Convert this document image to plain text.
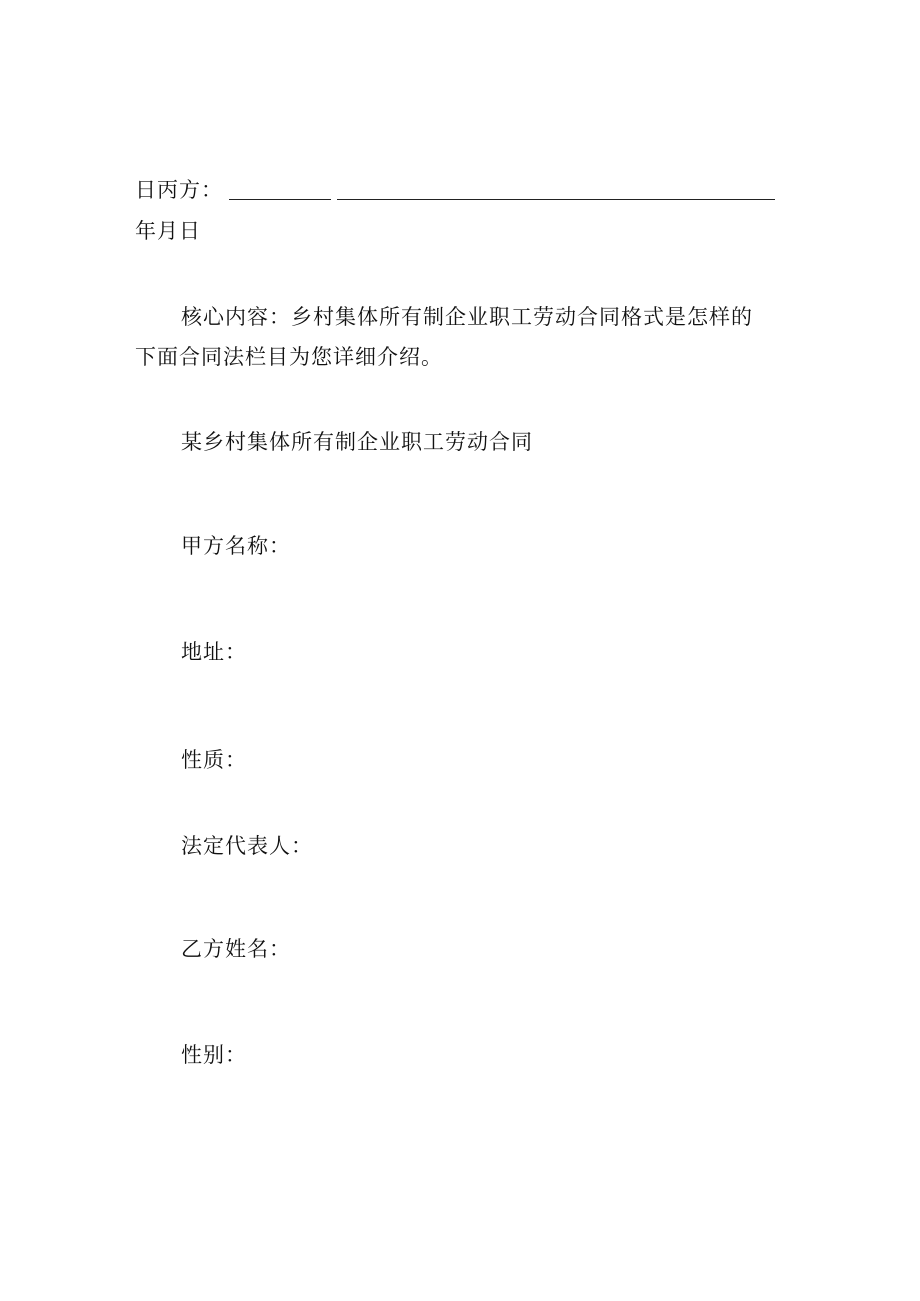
日丙方：
年月日
核心内容：乡村集体所有制企业职工劳动合同格式是怎样的
下面合同法栏目为您详细介绍。
某乡村集体所有制企业职工劳动合同
甲方名称：
地址：
性质：
法定代表人：
乙方姓名：
性别：
